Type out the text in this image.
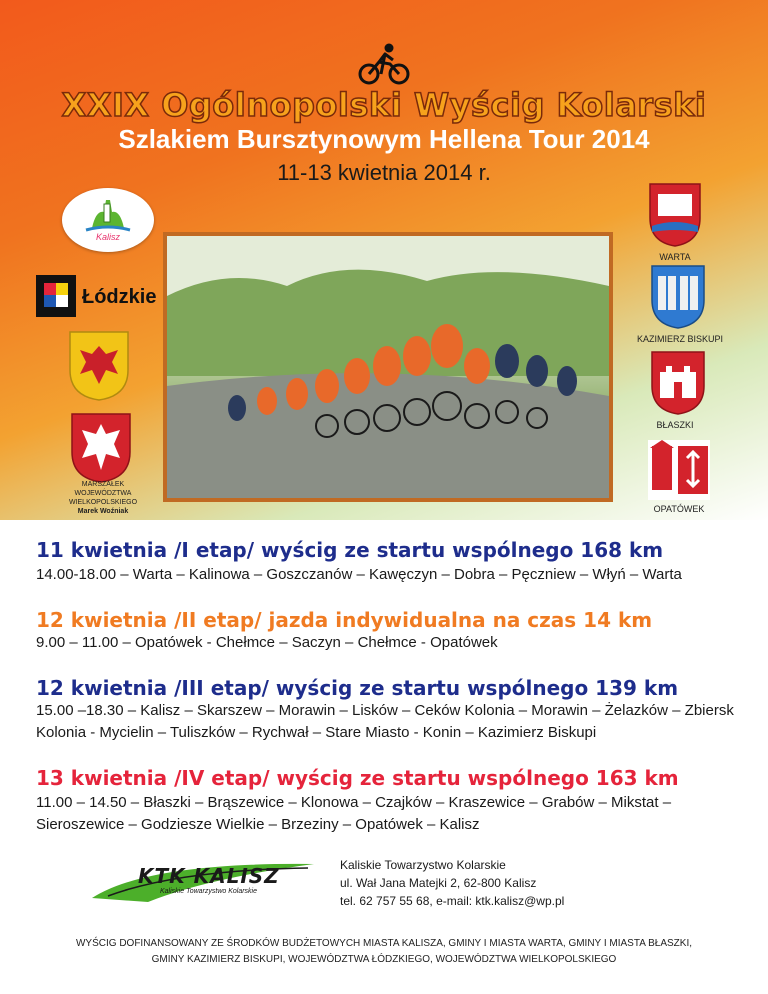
XXIX Ogólnopolski Wyścig Kolarski
Szlakiem Bursztynowym Hellena Tour 2014
11-13 kwietnia 2014 r.
Kalisz
Łódzkie
MARSZAŁEK
WOJEWÓDZTWA WIELKOPOLSKIEGO
Marek Woźniak
WARTA
KAZIMIERZ BISKUPI
BŁASZKI
OPATÓWEK
11 kwietnia /I etap/ wyścig ze startu wspólnego 168 km
14.00-18.00 – Warta – Kalinowa – Goszczanów – Kawęczyn – Dobra – Pęczniew – Włyń – Warta
12 kwietnia /II etap/ jazda indywidualna na czas 14 km
9.00 – 11.00 – Opatówek - Chełmce – Saczyn – Chełmce - Opatówek
12 kwietnia /III etap/ wyścig ze startu wspólnego 139 km
15.00 –18.30 – Kalisz – Skarszew – Morawin – Lisków – Ceków Kolonia – Morawin – Żelazków – Zbiersk Kolonia - Mycielin – Tuliszków – Rychwał – Stare Miasto - Konin – Kazimierz Biskupi
13 kwietnia /IV etap/ wyścig ze startu wspólnego 163 km
11.00 – 14.50 – Błaszki – Brąszewice – Klonowa – Czajków – Kraszewice – Grabów – Mikstat – Sieroszewice – Godziesze Wielkie – Brzeziny – Opatówek – Kalisz
KTK KALISZ
Kaliskie Towarzystwo Kolarskie
Kaliskie Towarzystwo Kolarskie
ul. Wał Jana Matejki 2, 62-800 Kalisz
tel. 62 757 55 68, e-mail: ktk.kalisz@wp.pl
WYŚCIG DOFINANSOWANY ZE ŚRODKÓW BUDŻETOWYCH MIASTA KALISZA, GMINY I MIASTA WARTA, GMINY I MIASTA BŁASZKI,
GMINY KAZIMIERZ BISKUPI, WOJEWÓDZTWA ŁÓDZKIEGO, WOJEWÓDZTWA WIELKOPOLSKIEGO
